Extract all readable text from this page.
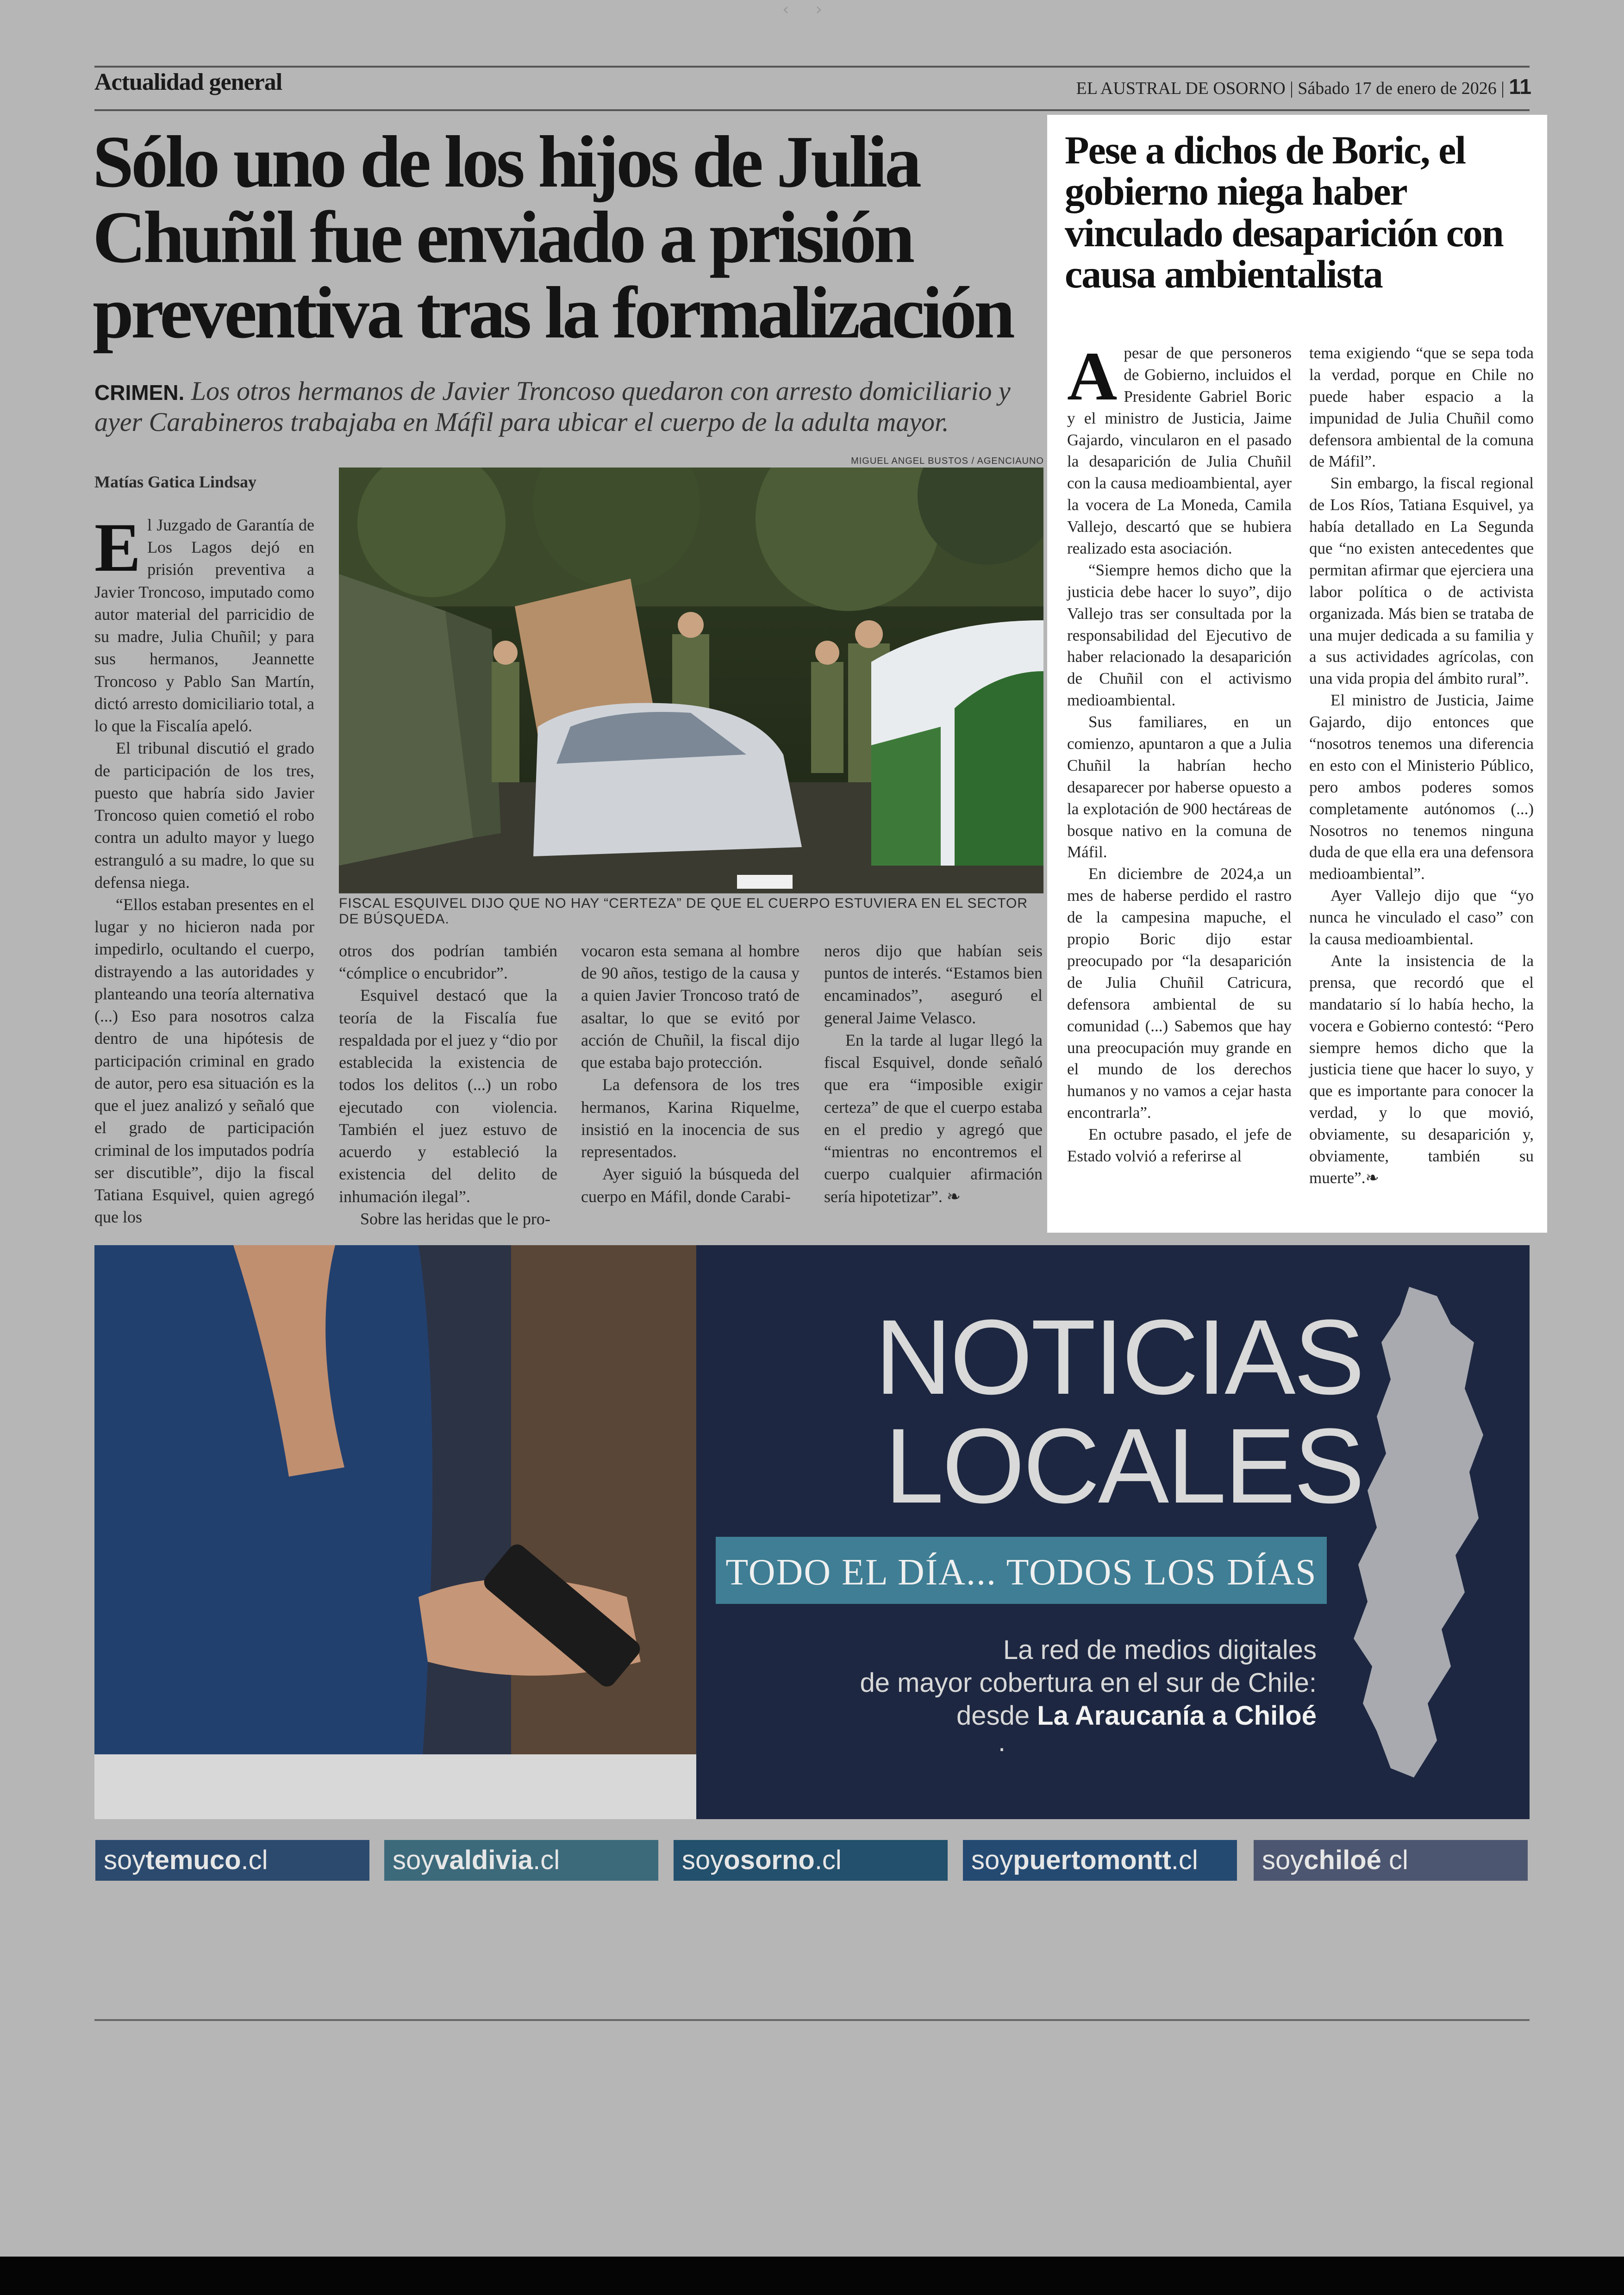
‹ ›
Actualidad general	EL AUSTRAL DE OSORNO | Sábado 17 de enero de 2026 | 11
Sólo uno de los hijos de Julia Chuñil fue enviado a prisión preventiva tras la formalización
CRIMEN. Los otros hermanos de Javier Troncoso quedaron con arresto domiciliario y ayer Carabineros trabajaba en Máfil para ubicar el cuerpo de la adulta mayor.
Matías Gatica Lindsay
MIGUEL ANGEL BUSTOS / AGENCIAUNO
FISCAL ESQUIVEL DIJO QUE NO HAY “CERTEZA” DE QUE EL CUERPO ESTUVIERA EN EL SECTOR DE BÚSQUEDA.

El Juzgado de Garantía de Los Lagos dejó en prisión preventiva a Javier Troncoso, imputado como autor material del parricidio de su madre, Julia Chuñil; y para sus hermanos, Jeannette Troncoso y Pablo San Martín, dictó arresto domiciliario total, a lo que la Fiscalía apeló.

El tribunal discutió el grado de participación de los tres, puesto que habría sido Javier Troncoso quien cometió el robo contra un adulto mayor y luego estranguló a su madre, lo que su defensa niega.

“Ellos estaban presentes en el lugar y no hicieron nada por impedirlo, ocultando el cuerpo, distrayendo a las autoridades y planteando una teoría alternativa (...) Eso para nosotros calza dentro de una hipótesis de participación criminal en grado de autor, pero esa situación es la que el juez analizó y señaló que el grado de participación criminal de los imputados podría ser discutible”, dijo la fiscal Tatiana Esquivel, quien agregó que los

otros dos podrían también “cómplice o encubridor”.

Esquivel destacó que la teoría de la Fiscalía fue respaldada por el juez y “dio por establecida la existencia de todos los delitos (...) un robo ejecutado con violencia. También el juez estuvo de acuerdo y estableció la existencia del delito de inhumación ilegal”.

Sobre las heridas que le pro-

vocaron esta semana al hombre de 90 años, testigo de la causa y a quien Javier Troncoso trató de asaltar, lo que se evitó por acción de Chuñil, la fiscal dijo que estaba bajo protección.

La defensora de los tres hermanos, Karina Riquelme, insistió en la inocencia de sus representados.

Ayer siguió la búsqueda del cuerpo en Máfil, donde Carabi-

neros dijo que habían seis puntos de interés. “Estamos bien encaminados”, aseguró el general Jaime Velasco.

En la tarde al lugar llegó la fiscal Esquivel, donde señaló que era “imposible exigir certeza” de que el cuerpo estaba en el predio y agregó que “mientras no encontremos el cuerpo cualquier afirmación sería hipotetizar”. ❧

Pese a dichos de Boric, el gobierno niega haber vinculado desaparición con causa ambientalista

Apesar de que personeros de Gobierno, incluidos el Presidente Gabriel Boric y el ministro de Justicia, Jaime Gajardo, vincularon en el pasado la desaparición de Julia Chuñil con la causa medioambiental, ayer la vocera de La Moneda, Camila Vallejo, descartó que se hubiera realizado esta asociación.

“Siempre hemos dicho que la justicia debe hacer lo suyo”, dijo Vallejo tras ser consultada por la responsabilidad del Ejecutivo de haber relacionado la desaparición de Chuñil con el activismo medioambiental.

Sus familiares, en un comienzo, apuntaron a que a Julia Chuñil la habrían hecho desaparecer por haberse opuesto a la explotación de 900 hectáreas de bosque nativo en la comuna de Máfil.

En diciembre de 2024,a un mes de haberse perdido el rastro de la campesina mapuche, el propio Boric dijo estar preocupado por “la desaparición de Julia Chuñil Catricura, defensora ambiental de su comunidad (...) Sabemos que hay una preocupación muy grande en el mundo de los derechos humanos y no vamos a cejar hasta encontrarla”.

En octubre pasado, el jefe de Estado volvió a referirse al

tema exigiendo “que se sepa toda la verdad, porque en Chile no puede haber espacio a la impunidad de Julia Chuñil como defensora ambiental de la comuna de Máfil”.

Sin embargo, la fiscal regional de Los Ríos, Tatiana Esquivel, ya había detallado en La Segunda que “no existen antecedentes que permitan afirmar que ejerciera una labor política o de activista organizada. Más bien se trataba de una mujer dedicada a su familia y a sus actividades agrícolas, con una vida propia del ámbito rural”.

El ministro de Justicia, Jaime Gajardo, dijo entonces que “nosotros tenemos una diferencia en esto con el Ministerio Público, pero ambos poderes somos completamente autónomos (...) Nosotros no tenemos ninguna duda de que ella era una defensora medioambiental”.

Ayer Vallejo dijo que “yo nunca he vinculado el caso” con la causa medioambiental.

Ante la insistencia de la prensa, que recordó que el mandatario sí lo había hecho, la vocera e Gobierno contestó: “Pero siempre hemos dicho que la justicia tiene que hacer lo suyo, y que es importante para conocer la verdad, y lo que movió, obviamente, su desaparición y, obviamente, también su muerte”.❧

NOTICIAS
LOCALES
TODO EL DÍA... TODOS LOS DÍAS
La red de medios digitales
de mayor cobertura en el sur de Chile:
desde La Araucanía a Chiloé
·
soytemuco.cl	soyvaldivia.cl	soyosorno.cl	soypuertomontt.cl	soychiloé cl
